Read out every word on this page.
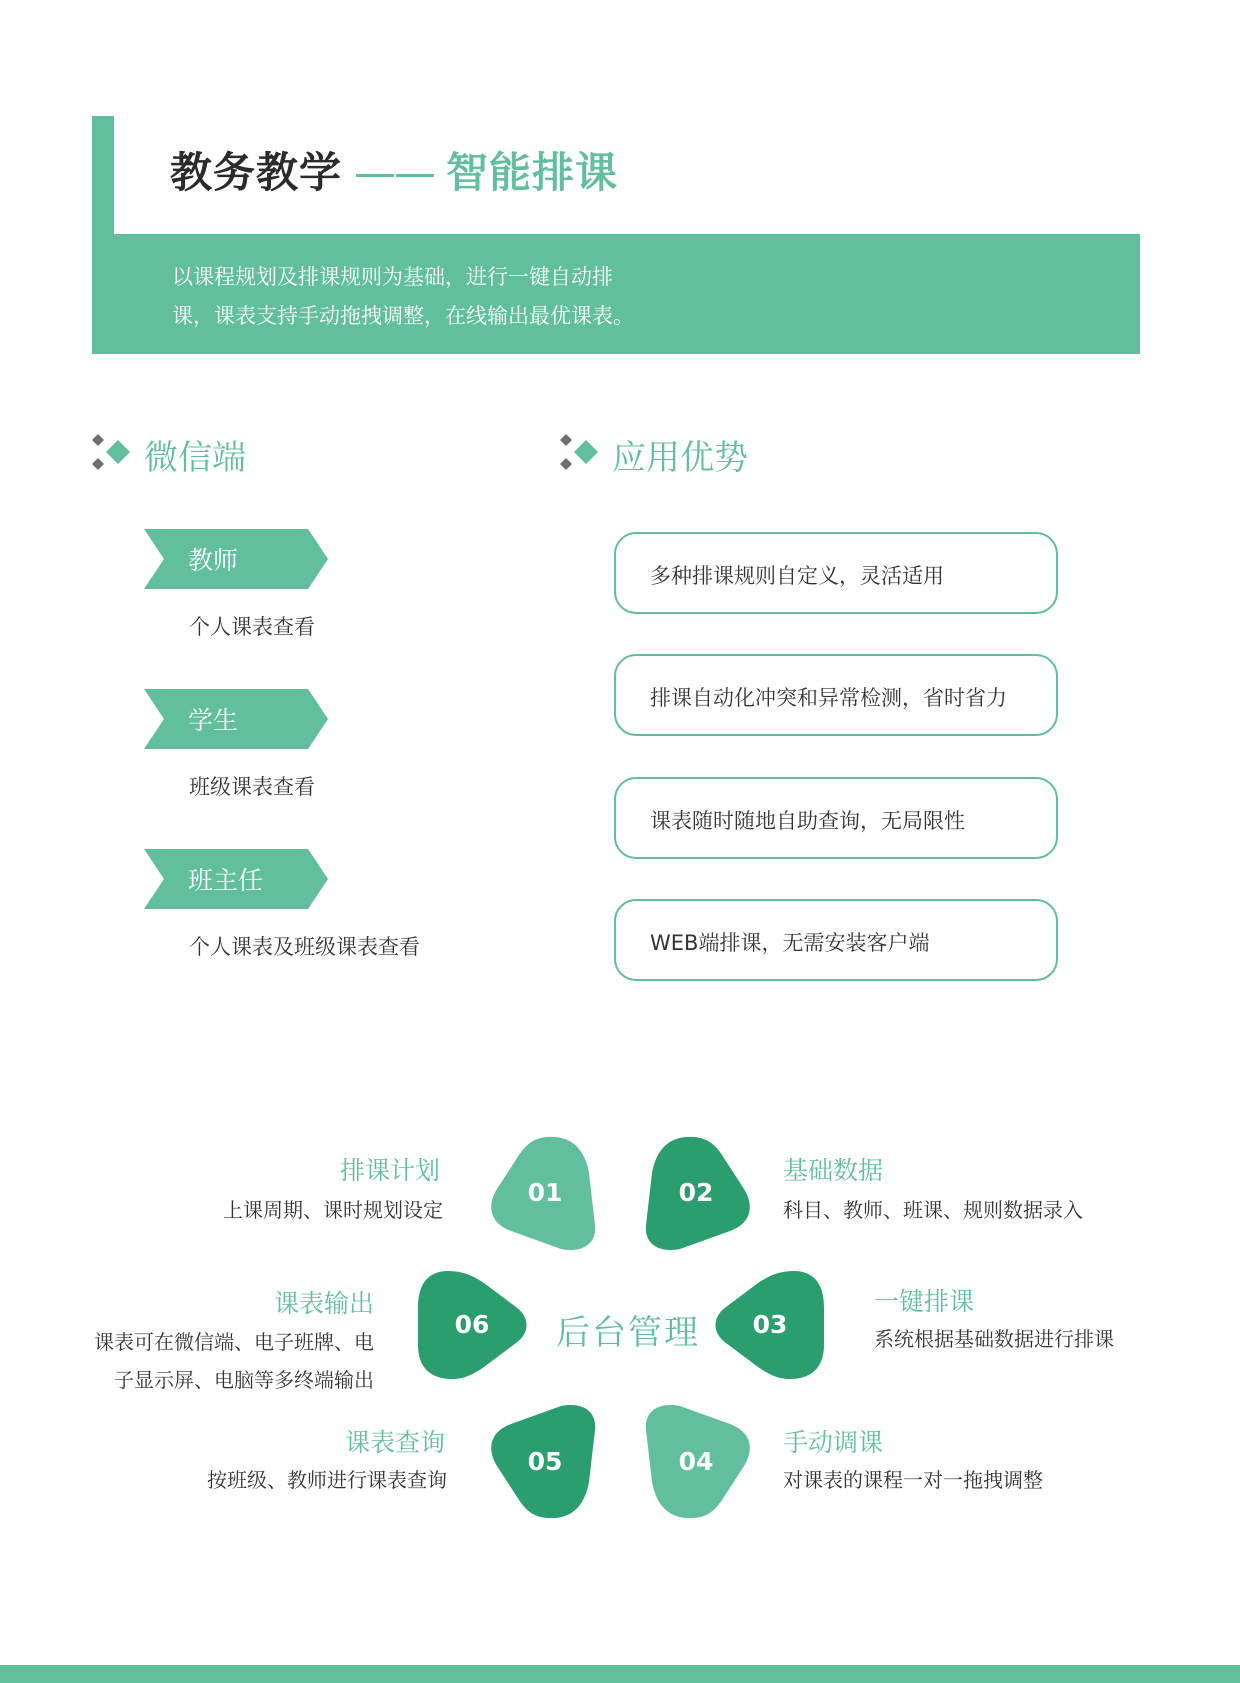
教务教学 —— 智能排课
以课程规划及排课规则为基础，进行一键自动排
课，课表支持手动拖拽调整，在线输出最优课表。
微信端	应用优势
教师
个人课表查看
学生
班级课表查看
班主任
个人课表及班级课表查看
多种排课规则自定义，灵活适用
排课自动化冲突和异常检测，省时省力
课表随时随地自助查询，无局限性
WEB端排课，无需安装客户端
后台管理
01	02
06	03
05	04
排课计划
上课周期、课时规划设定
基础数据
科目、教师、班课、规则数据录入
一键排课
系统根据基础数据进行排课
手动调课
对课表的课程一对一拖拽调整
课表查询
按班级、教师进行课表查询
课表输出
课表可在微信端、电子班牌、电
子显示屏、电脑等多终端输出
